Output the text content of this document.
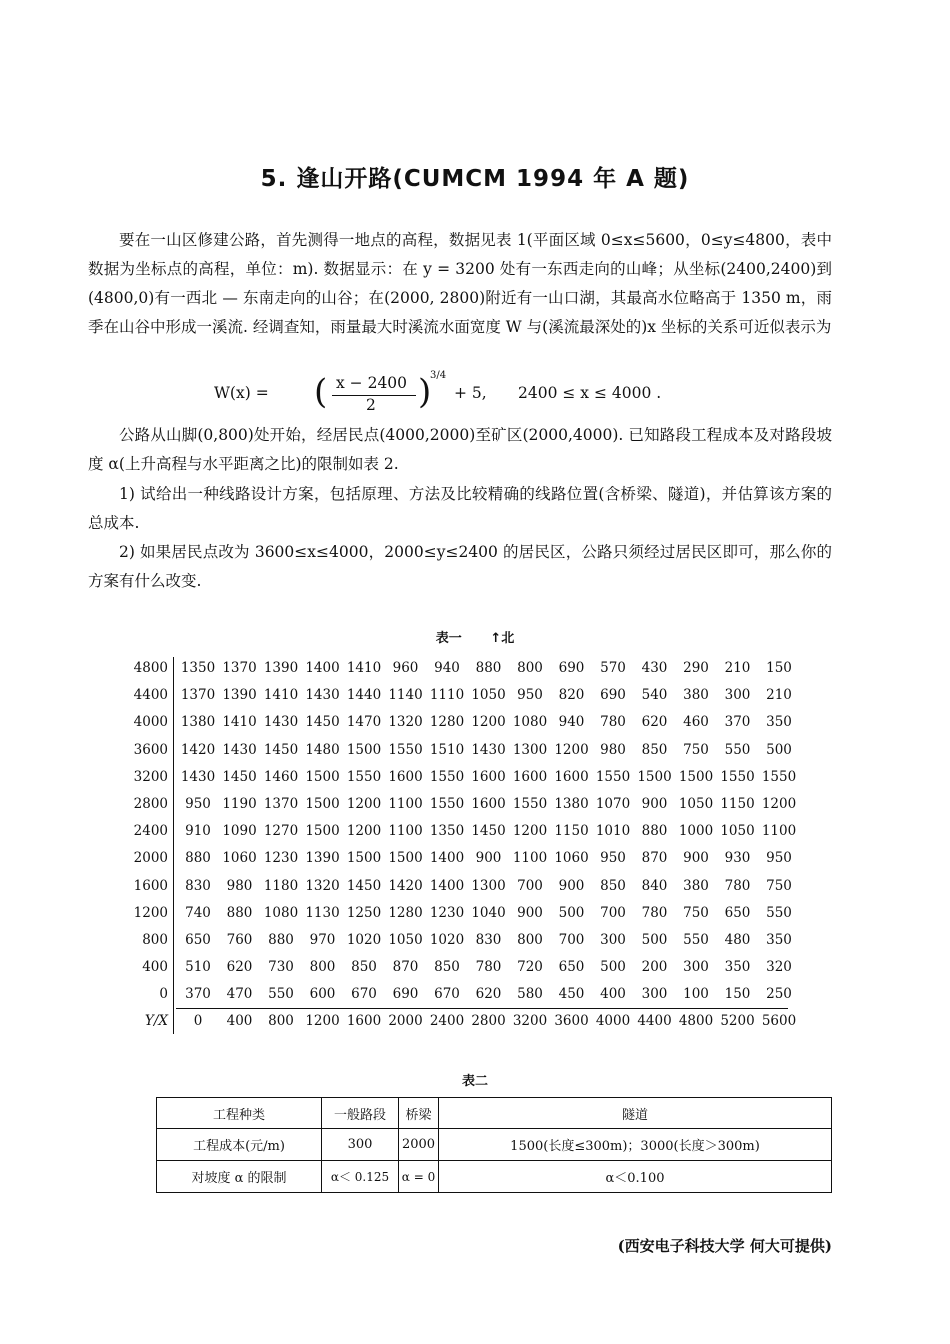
5. 逢山开路(CUMCM 1994 年 A 题)
要在一山区修建公路，首先测得一地点的高程，数据见表 1(平面区域 0≤x≤5600，0≤y≤4800，表中数据为坐标点的高程，单位：m). 数据显示：在 y = 3200 处有一东西走向的山峰；从坐标(2400,2400)到(4800,0)有一西北 — 东南走向的山谷；在(2000, 2800)附近有一山口湖，其最高水位略高于 1350 m，雨季在山谷中形成一溪流. 经调查知，雨量最大时溪流水面宽度 W 与(溪流最深处的)x 坐标的关系可近似表示为
W(x) = ( x − 2400
2 )
3/4
+ 5, 2400 ≤ x ≤ 4000 .
公路从山脚(0,800)处开始，经居民点(4000,2000)至矿区(2000,4000). 已知路段工程成本及对路段坡度 α(上升高程与水平距离之比)的限制如表 2.
1) 试给出一种线路设计方案，包括原理、方法及比较精确的线路位置(含桥梁、隧道)，并估算该方案的总成本.
2) 如果居民点改为 3600≤x≤4000，2000≤y≤2400 的居民区，公路只须经过居民区即可，那么你的方案有什么改变.
表一 ↑北
4800 1350 1370 1390 1400 1410 960	940	880	800	690	570	430	290	210	150
4400 1370 1390 1410 1430 1440 1140 1110 1050 950	820	690	540	380	300	210
4000 1380 1410 1430 1450 1470 1320 1280 1200 1080 940	780	620	460	370	350
3600 1420 1430 1450 1480 1500 1550 1510 1430 1300 1200 980	850	750	550	500
3200 1430 1450 1460 1500 1550 1600 1550 1600 1600 1600 1550 1500 1500 1550 1550
2800	950 1190 1370 1500 1200 1100 1550 1600 1550 1380 1070 900 1050 1150 1200
2400	910 1090 1270 1500 1200 1100 1350 1450 1200 1150 1010 880 1000 1050 1100
2000	880 1060 1230 1390 1500 1500 1400 900 1100 1060 950	870	900	930	950
1600	830	980 1180 1320 1450 1420 1400 1300 700	900	850	840	380	780	750
1200	740	880 1080 1130 1250 1280 1230 1040 900	500	700	780	750	650	550
800	650	760	880	970 1020 1050 1020 830	800	700	300	500	550	480	350
400	510	620	730	800	850	870	850	780	720	650	500	200	300	350	320
0	370	470	550	600	670	690	670	620	580	450	400	300	100	150	250
Y/X	0	400	800 1200 1600 2000 2400 2800 3200 3600 4000 4400 4800 5200 5600
表二
工程种类	一般路段	桥梁	隧道
工程成本(元/m)	300	2000	1500(长度≤300m)；3000(长度＞300m)
对坡度 α 的限制	α＜ 0.125	α = 0	α＜0.100
(西安电子科技大学 何大可提供)
